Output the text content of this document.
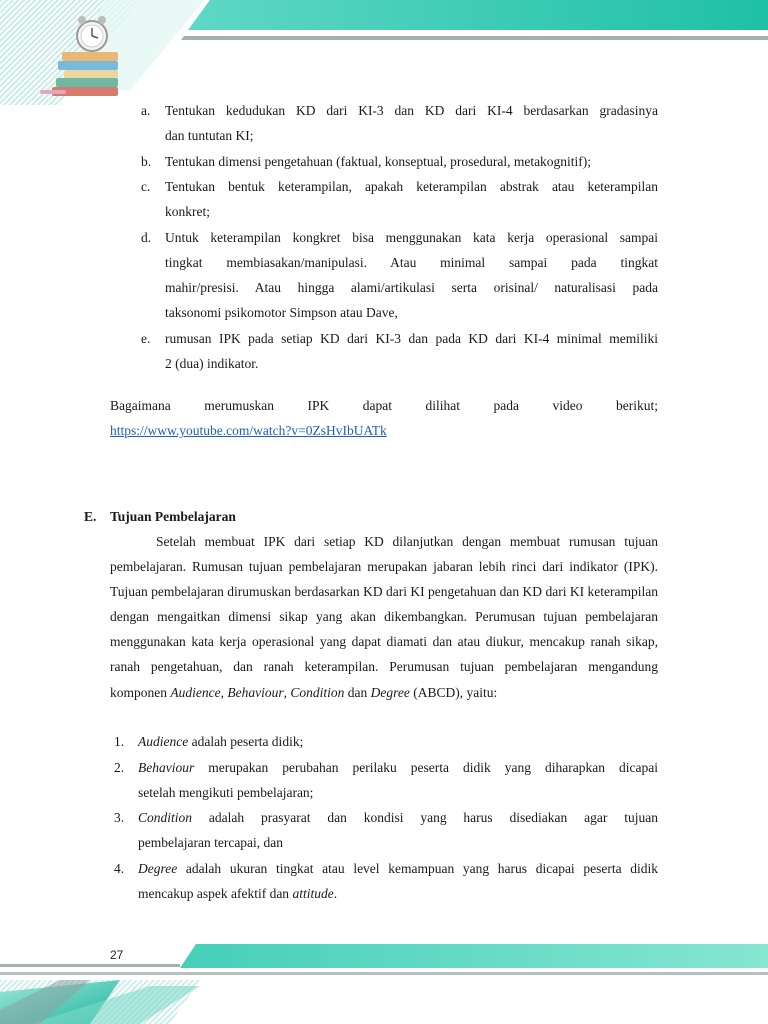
a. Tentukan kedudukan KD dari KI-3 dan KD dari KI-4 berdasarkan gradasinya
dan tuntutan KI;
b. Tentukan dimensi pengetahuan (faktual, konseptual, prosedural, metakognitif);
c. Tentukan bentuk keterampilan, apakah keterampilan abstrak atau keterampilan
konkret;
d. Untuk keterampilan kongkret bisa menggunakan kata kerja operasional sampai
tingkat membiasakan/manipulasi. Atau minimal sampai pada tingkat
mahir/presisi. Atau hingga alami/artikulasi serta orisinal/ naturalisasi pada
taksonomi psikomotor Simpson atau Dave,
e. rumusan IPK pada setiap KD dari KI-3 dan pada KD dari KI-4 minimal memiliki
2 (dua) indikator.
Bagaimana merumuskan IPK dapat dilihat pada video berikut;
https://www.youtube.com/watch?v=0ZsHvIbUATk
E. Tujuan Pembelajaran
Setelah membuat IPK dari setiap KD dilanjutkan dengan membuat rumusan tujuan pembelajaran. Rumusan tujuan pembelajaran merupakan jabaran lebih rinci dari indikator (IPK). Tujuan pembelajaran dirumuskan berdasarkan KD dari KI pengetahuan dan KD dari KI keterampilan dengan mengaitkan dimensi sikap yang akan dikembangkan. Perumusan tujuan pembelajaran menggunakan kata kerja operasional yang dapat diamati dan atau diukur, mencakup ranah sikap, ranah pengetahuan, dan ranah keterampilan. Perumusan tujuan pembelajaran mengandung komponen Audience, Behaviour, Condition dan Degree (ABCD), yaitu:
1. Audience adalah peserta didik;
2. Behaviour merupakan perubahan perilaku peserta didik yang diharapkan dicapai
setelah mengikuti pembelajaran;
3. Condition adalah prasyarat dan kondisi yang harus disediakan agar tujuan
pembelajaran tercapai, dan
4. Degree adalah ukuran tingkat atau level kemampuan yang harus dicapai peserta didik
mencakup aspek afektif dan attitude.
27
